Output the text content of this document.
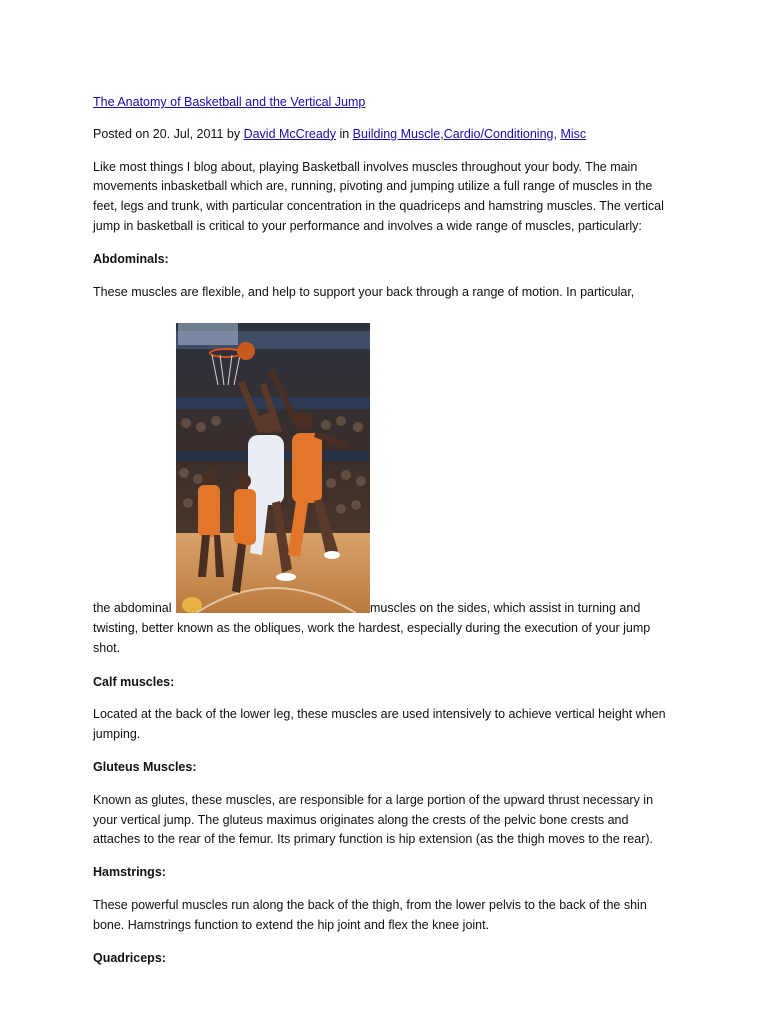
The Anatomy of Basketball and the Vertical Jump

Posted on 20. Jul, 2011 by David McCready in Building Muscle,Cardio/Conditioning, Misc

Like most things I blog about, playing Basketball involves muscles throughout your body. The main movements inbasketball which are, running, pivoting and jumping utilize a full range of muscles in the feet, legs and trunk, with particular concentration in the quadriceps and hamstring muscles. The vertical jump in basketball is critical to your performance and involves a wide range of muscles, particularly:

Abdominals:

These muscles are flexible, and help to support your back through a range of motion. In particular,

the abdominal	muscles on the sides, which assist in turning and

twisting, better known as the obliques, work the hardest, especially during the execution of your jump shot.

Calf muscles:

Located at the back of the lower leg, these muscles are used intensively to achieve vertical height when jumping.

Gluteus Muscles:

Known as glutes, these muscles, are responsible for a large portion of the upward thrust necessary in your vertical jump. The gluteus maximus originates along the crests of the pelvic bone crests and attaches to the rear of the femur. Its primary function is hip extension (as the thigh moves to the rear).

Hamstrings:

These powerful muscles run along the back of the thigh, from the lower pelvis to the back of the shin bone. Hamstrings function to extend the hip joint and flex the knee joint.

Quadriceps:
